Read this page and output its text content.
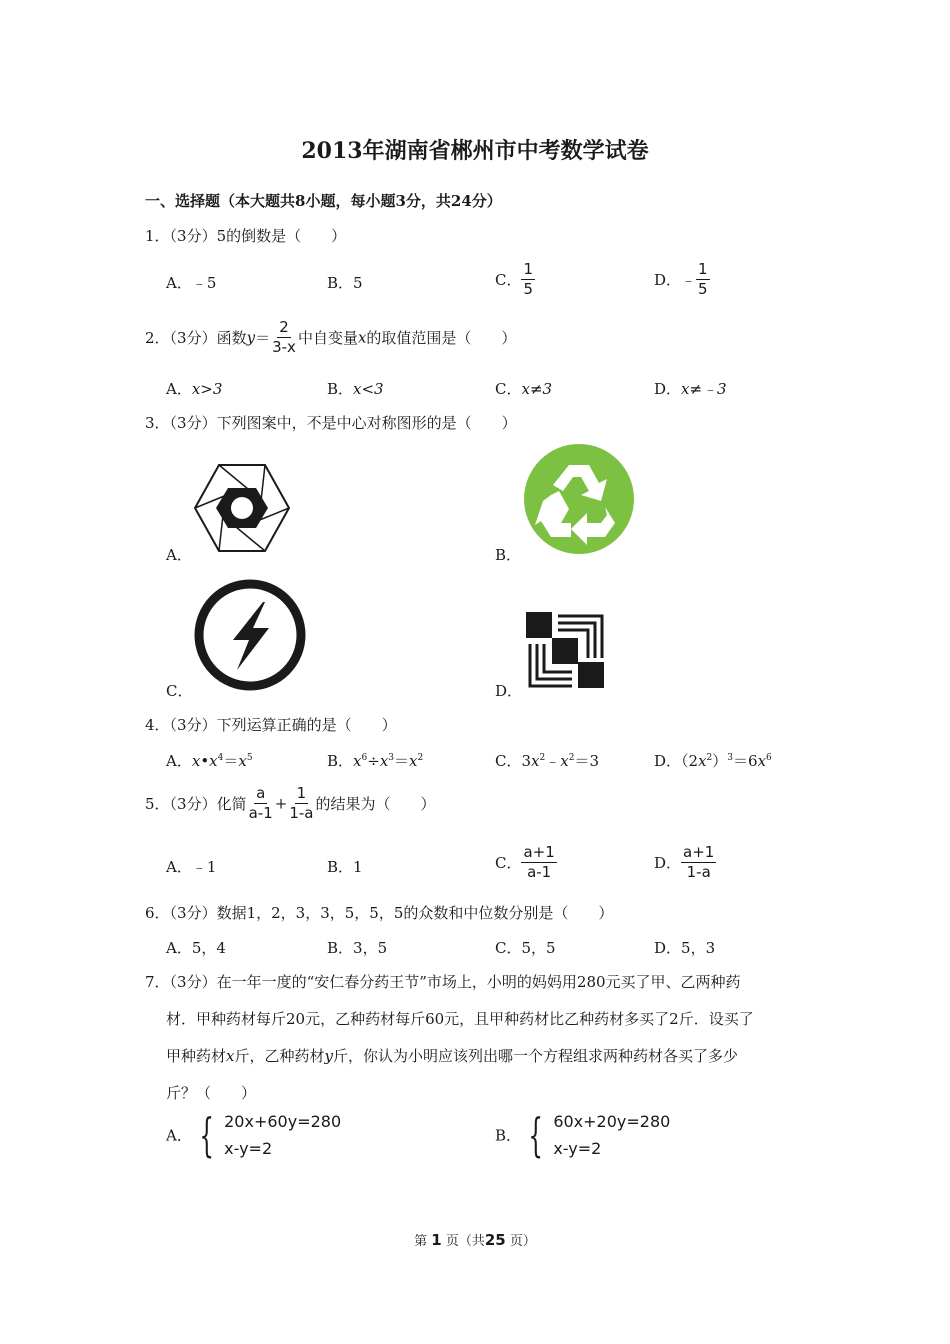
2013年湖南省郴州市中考数学试卷
一、选择题（本大题共8小题，每小题3分，共24分）
1．（3分）5的倒数是（　　）
A．﹣5	B．5	C． $\frac{1}{5}$	D．﹣ $\frac{1}{5}$
2．（3分）函数$y= \frac{2}{3-x}$ 中自变量x的取值范围是（　　）
A．x>3	B．x<3	C．x≠3	D．x≠﹣3
3．（3分）下列图案中，不是中心对称图形的是（　　）
A．	B．
C．	D．
4．（3分）下列运算正确的是（　　）
A．$x•x^4=x^5$	B．$x^6\div x^3=x^2$	C．$3x^2﹣x^2=3$	D．$(2x^2)^3=6x^6$
5．（3分）化简 $\frac{a}{a-1} + \frac{1}{1-a}$ 的结果为（　　）
A．﹣1	B．1	C． $\frac{a+1}{a-1}$	D． $\frac{a+1}{1-a}$
6．（3分）数据1，2，3，3，5，5，5的众数和中位数分别是（　　）
A．5，4	B．3，5	C．5，5	D．5，3
7．（3分）在一年一度的“安仁春分药王节”市场上，小明的妈妈用280元买了甲、乙两种药
材．甲种药材每斤20元，乙种药材每斤60元，且甲种药材比乙种药材多买了2斤．设买了
甲种药材x斤，乙种药材y斤，你认为小明应该列出哪一个方程组求两种药材各买了多少
斤？（　　）
A． { 20x+60y=280
x-y=2
B． { 60x+20y=280
x-y=2
第 1 页（共25 页）
